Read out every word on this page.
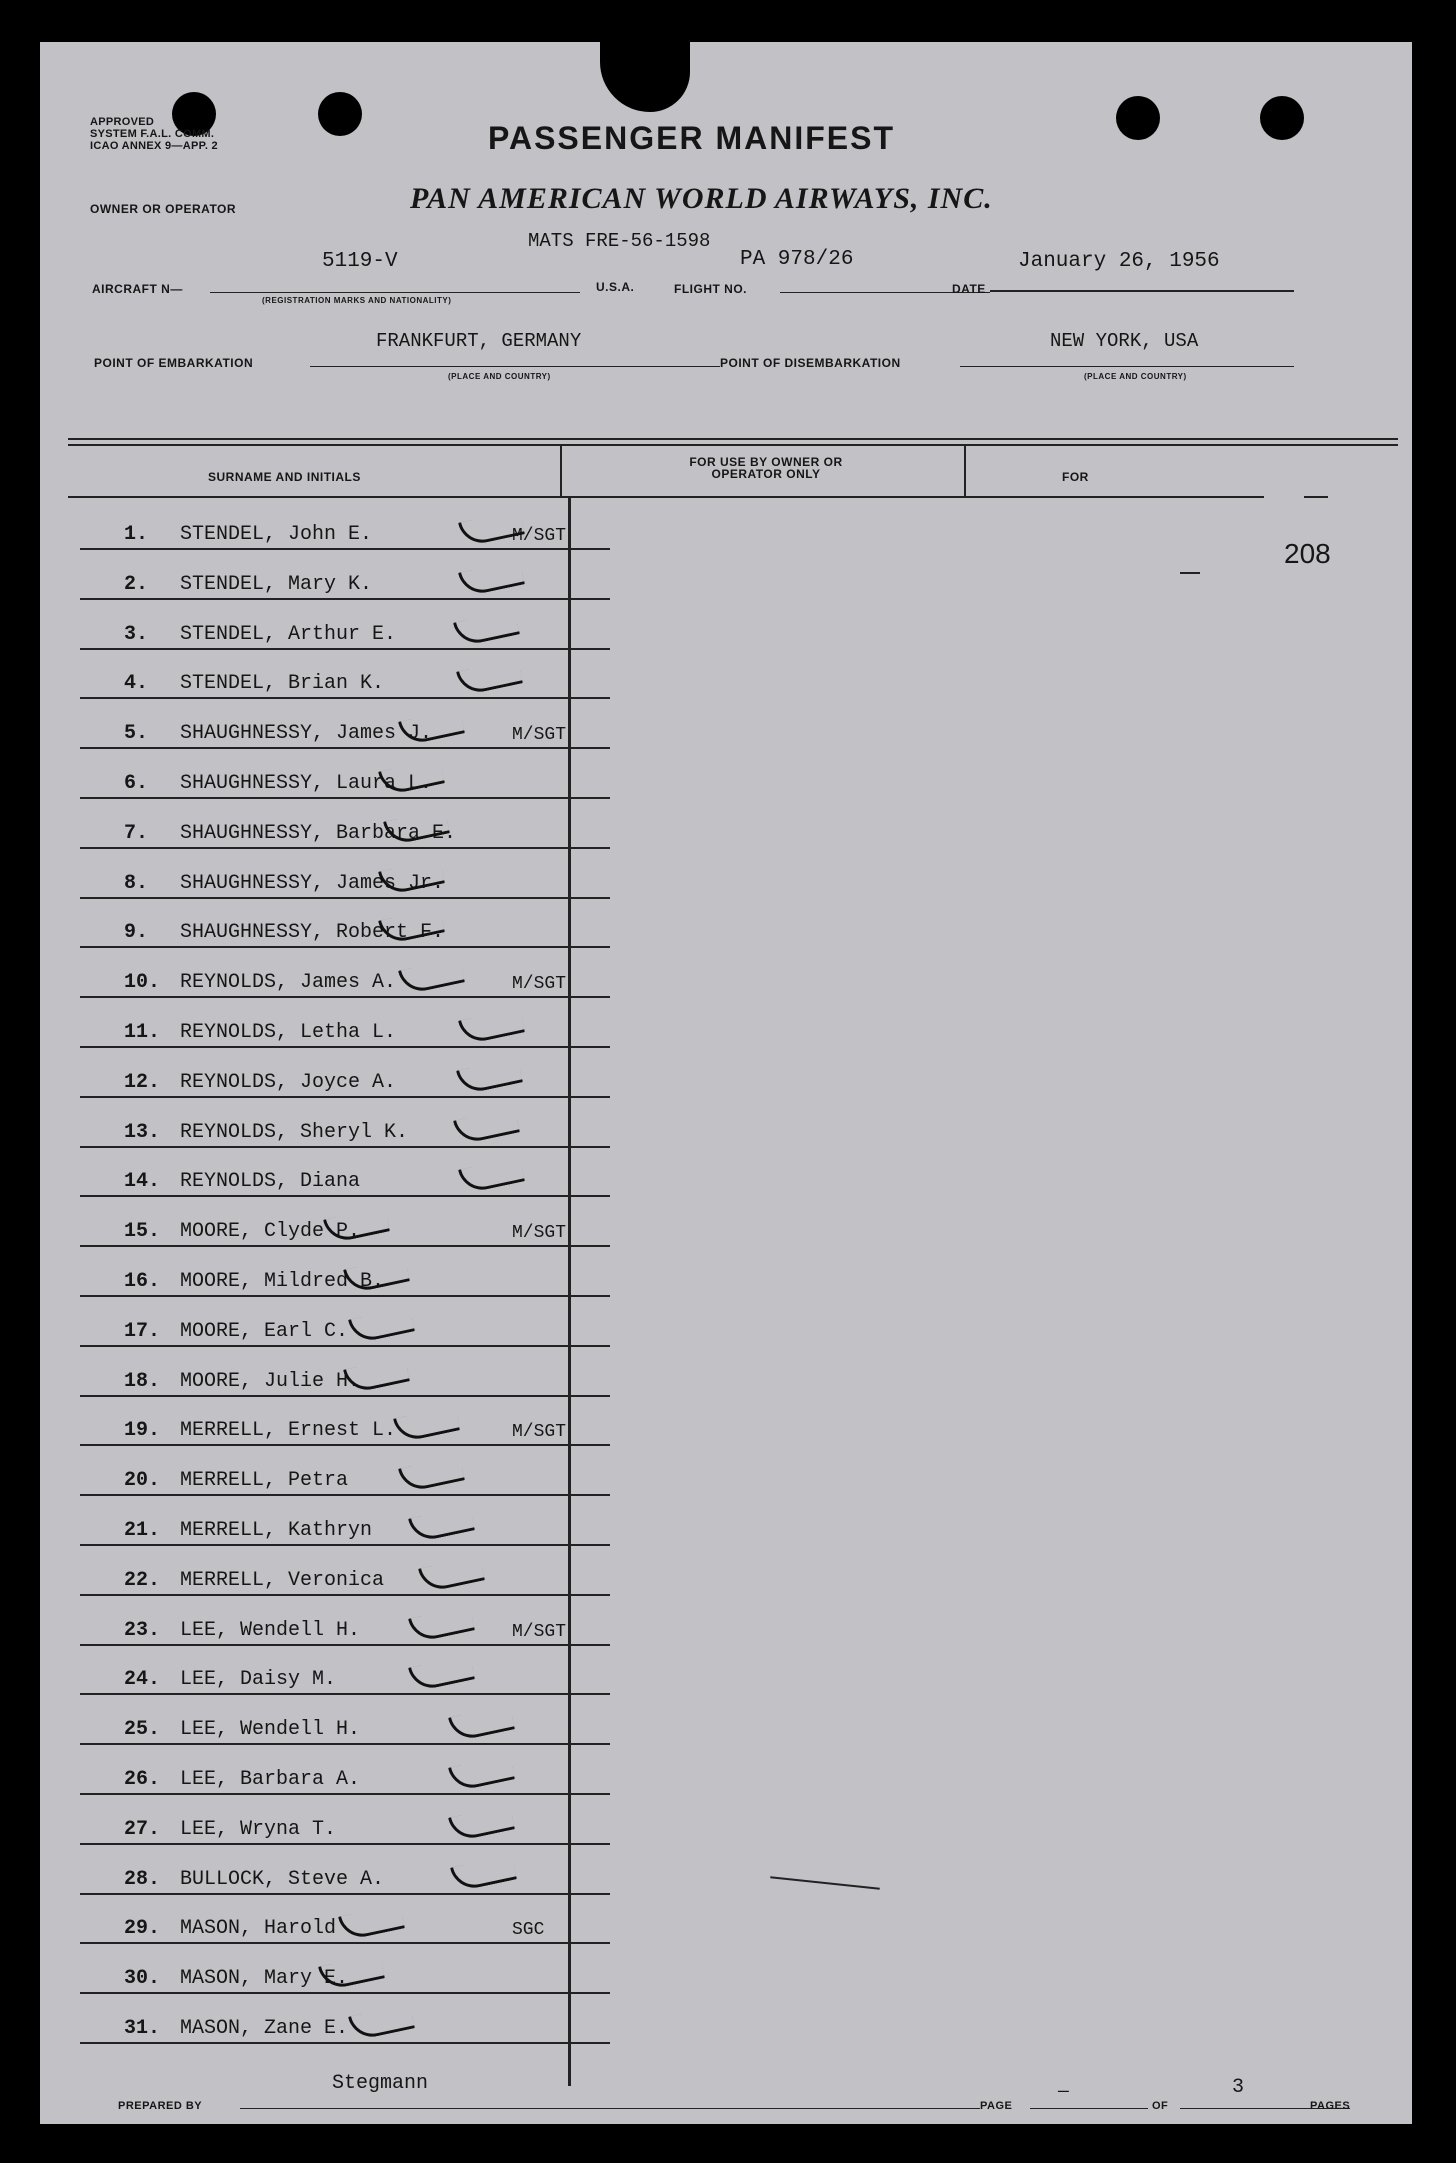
APPROVED
SYSTEM F.A.L. COMM.
ICAO ANNEX 9—APP. 2	PASSENGER MANIFEST
OWNER OR OPERATOR	PAN AMERICAN WORLD AIRWAYS, INC.
MATS FRE-56-1598
5119-V	PA 978/26	January 26, 1956
AIRCRAFT N—	U.S.A.
(REGISTRATION MARKS AND NATIONALITY)
FLIGHT NO.	DATE
FRANKFURT, GERMANY	NEW YORK, USA
POINT OF EMBARKATION	POINT OF DISEMBARKATION
(PLACE AND COUNTRY)	(PLACE AND COUNTRY)
SURNAME AND INITIALS
FOR USE BY OWNER OR OPERATOR ONLY	FOR
208
1. STENDEL, John E.	M/SGT
2. STENDEL, Mary K.
3. STENDEL, Arthur E.
4. STENDEL, Brian K.
5. SHAUGHNESSY, James J.	M/SGT
6. SHAUGHNESSY, Laura L.
7. SHAUGHNESSY, Barbara E.
8. SHAUGHNESSY, James Jr.
9. SHAUGHNESSY, Robert F.
10. REYNOLDS, James A.	M/SGT
11. REYNOLDS, Letha L.
12. REYNOLDS, Joyce A.
13. REYNOLDS, Sheryl K.
14. REYNOLDS, Diana
15. MOORE, Clyde P.	M/SGT
16. MOORE, Mildred B.
17. MOORE, Earl C.
18. MOORE, Julie H.
19. MERRELL, Ernest L.	M/SGT
20. MERRELL, Petra
21. MERRELL, Kathryn
22. MERRELL, Veronica
23. LEE, Wendell H.	M/SGT
24. LEE, Daisy M.
25. LEE, Wendell H.
26. LEE, Barbara A.
27. LEE, Wryna T.
28. BULLOCK, Steve A.
29. MASON, Harold	SGC
30. MASON, Mary E.
31. MASON, Zane E.
Stegmann
PREPARED BY	PAGE
—
OF
3
PAGES
